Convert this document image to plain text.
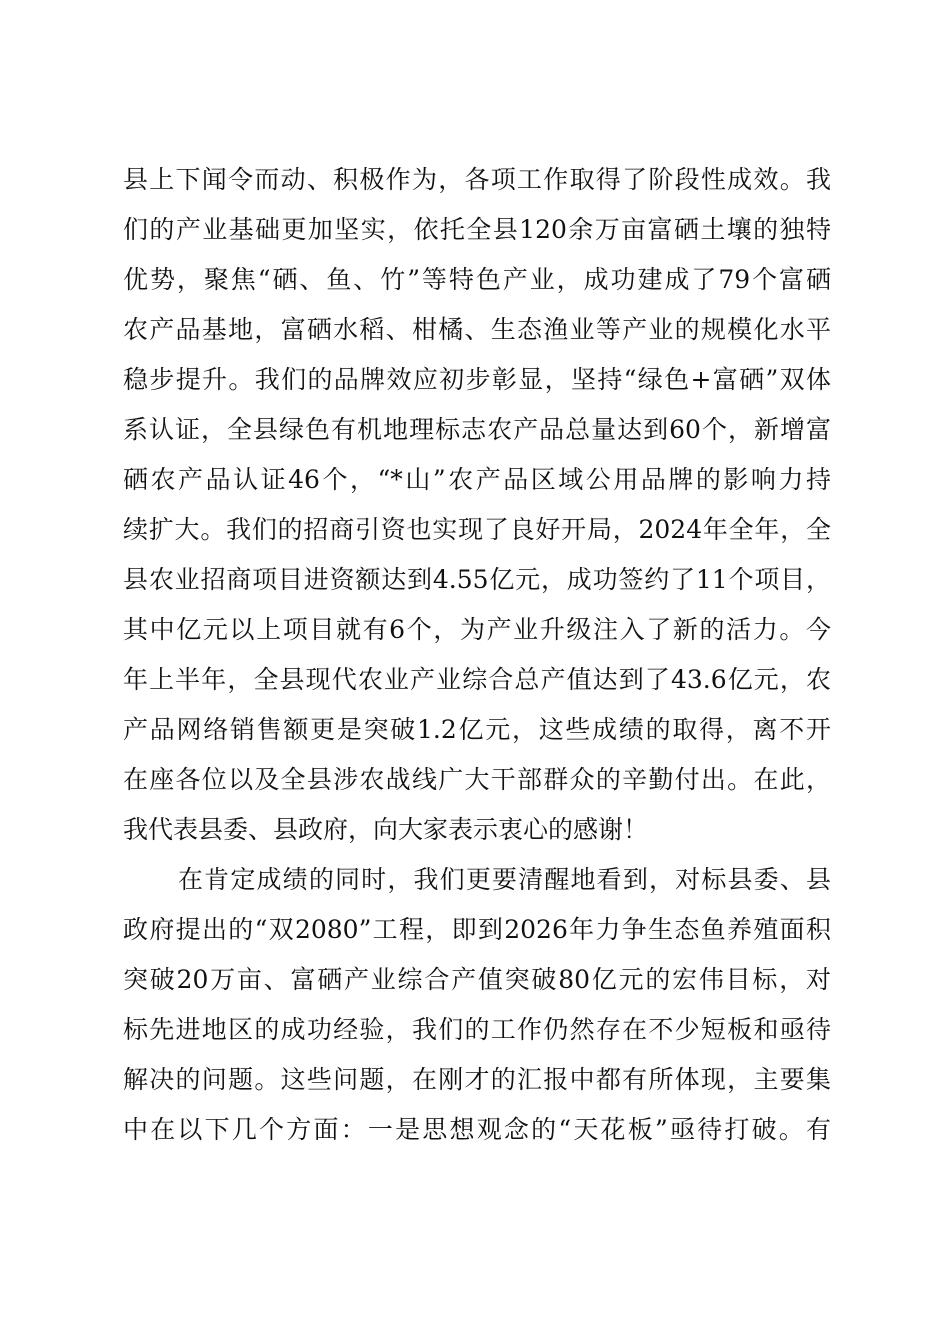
县上下闻令而动、积极作为，各项工作取得了阶段性成效。我
们的产业基础更加坚实，依托全县120余万亩富硒土壤的独特
优势，聚焦“硒、鱼、竹”等特色产业，成功建成了79个富硒
农产品基地，富硒水稻、柑橘、生态渔业等产业的规模化水平
稳步提升。我们的品牌效应初步彰显，坚持“绿色+富硒”双体
系认证，全县绿色有机地理标志农产品总量达到60个，新增富
硒农产品认证46个，“*山”农产品区域公用品牌的影响力持
续扩大。我们的招商引资也实现了良好开局，2024年全年，全
县农业招商项目进资额达到4.55亿元，成功签约了11个项目，
其中亿元以上项目就有6个，为产业升级注入了新的活力。今
年上半年，全县现代农业产业综合总产值达到了43.6亿元，农
产品网络销售额更是突破1.2亿元，这些成绩的取得，离不开
在座各位以及全县涉农战线广大干部群众的辛勤付出。在此，
我代表县委、县政府，向大家表示衷心的感谢！
在肯定成绩的同时，我们更要清醒地看到，对标县委、县
政府提出的“双2080”工程，即到2026年力争生态鱼养殖面积
突破20万亩、富硒产业综合产值突破80亿元的宏伟目标，对
标先进地区的成功经验，我们的工作仍然存在不少短板和亟待
解决的问题。这些问题，在刚才的汇报中都有所体现，主要集
中在以下几个方面：一是思想观念的“天花板”亟待打破。有
